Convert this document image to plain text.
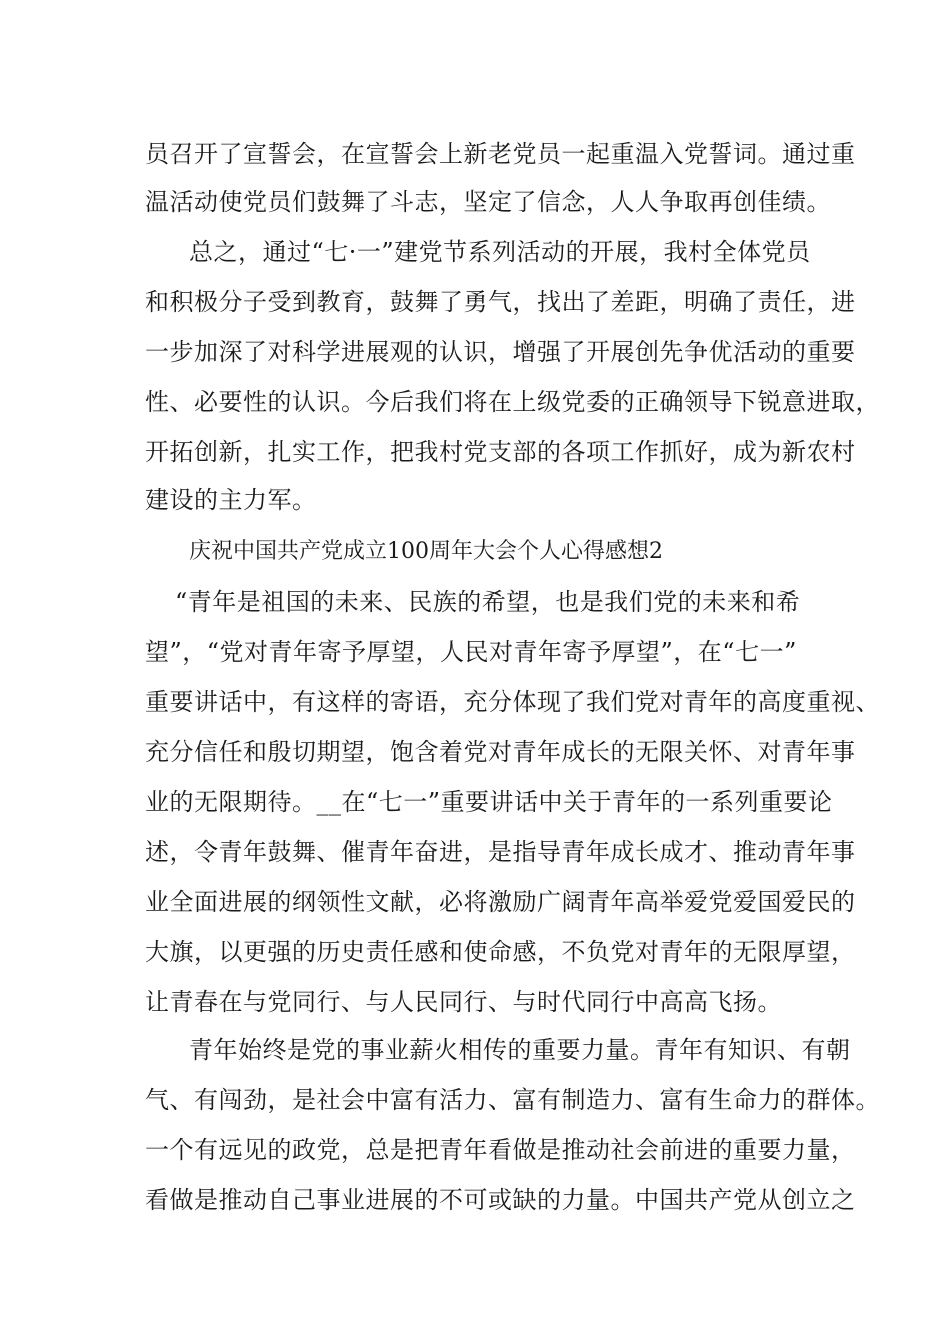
员召开了宣誓会，在宣誓会上新老党员一起重温入党誓词。通过重
温活动使党员们鼓舞了斗志，坚定了信念，人人争取再创佳绩。
总之，通过“七·一”建党节系列活动的开展，我村全体党员
和积极分子受到教育，鼓舞了勇气，找出了差距，明确了责任，进
一步加深了对科学进展观的认识，增强了开展创先争优活动的重要
性、必要性的认识。今后我们将在上级党委的正确领导下锐意进取，
开拓创新，扎实工作，把我村党支部的各项工作抓好，成为新农村
建设的主力军。
庆祝中国共产党成立100周年大会个人心得感想2
“青年是祖国的未来、民族的希望，也是我们党的未来和希
望”，“党对青年寄予厚望，人民对青年寄予厚望”，在“七一”
重要讲话中，有这样的寄语，充分体现了我们党对青年的高度重视、
充分信任和殷切期望，饱含着党对青年成长的无限关怀、对青年事
业的无限期待。__在“七一”重要讲话中关于青年的一系列重要论
述，令青年鼓舞、催青年奋进，是指导青年成长成才、推动青年事
业全面进展的纲领性文献，必将激励广阔青年高举爱党爱国爱民的
大旗，以更强的历史责任感和使命感，不负党对青年的无限厚望，
让青春在与党同行、与人民同行、与时代同行中高高飞扬。
青年始终是党的事业薪火相传的重要力量。青年有知识、有朝
气、有闯劲，是社会中富有活力、富有制造力、富有生命力的群体。
一个有远见的政党，总是把青年看做是推动社会前进的重要力量，
看做是推动自己事业进展的不可或缺的力量。中国共产党从创立之
